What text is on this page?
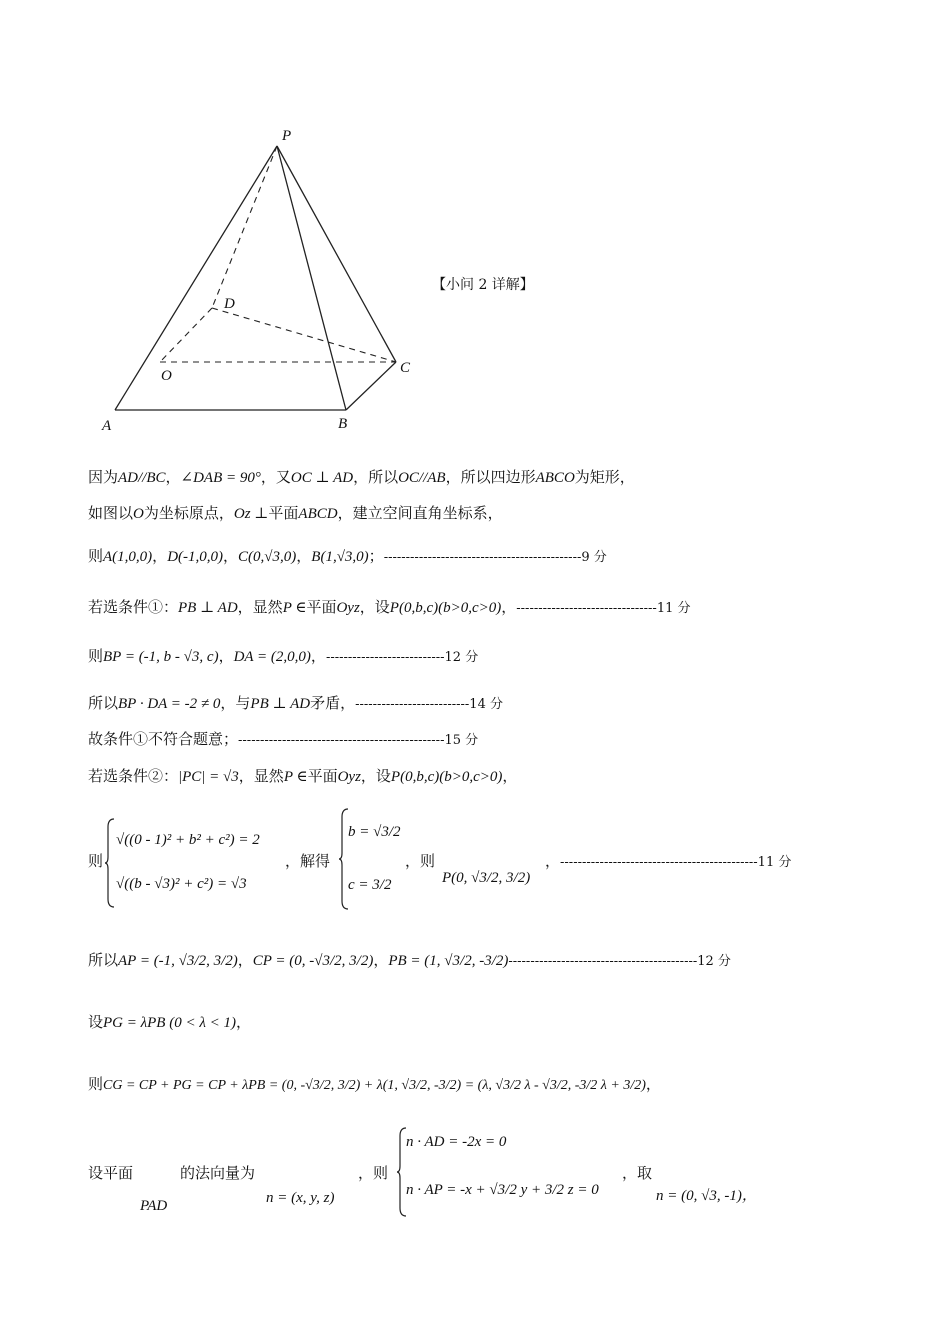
P
D
O	C
A	B
【小问 2 详解】
因为AD//BC，∠DAB = 90°，又OC ⊥ AD，所以OC//AB，所以四边形ABCO为矩形，
如图以O为坐标原点，Oz ⊥平面ABCD，建立空间直角坐标系，
则A(1,0,0)，D(-1,0,0)，C(0,√3,0)，B(1,√3,0)；---------------------------------------------9 分
若选条件①：PB ⊥ AD，显然P ∈平面Oyz，设P(0,b,c)(b>0,c>0)，--------------------------------11 分
则BP = (-1, b - √3, c)，DA = (2,0,0)，---------------------------12 分
所以BP · DA = -2 ≠ 0，与PB ⊥ AD矛盾，--------------------------14 分
故条件①不符合题意；-----------------------------------------------15 分
若选条件②：|PC| = √3，显然P ∈平面Oyz，设P(0,b,c)(b>0,c>0)，
则
√((0 - 1)² + b² + c²) = 2
√((b - √3)² + c²) = √3
，解得
b = √3/2
c = 3/2
，则
P(0, √3/2, 3/2)
，---------------------------------------------11 分
所以AP = (-1, √3/2, 3/2)，CP = (0, -√3/2, 3/2)，PB = (1, √3/2, -3/2)-------------------------------------------12 分
设PG = λPB (0 < λ < 1)，
则CG = CP + PG = CP + λPB = (0, -√3/2, 3/2) + λ(1, √3/2, -3/2) = (λ, √3/2 λ - √3/2, -3/2 λ + 3/2)，
设平面
PAD
的法向量为
n = (x, y, z)
，则
n · AD = -2x = 0
n · AP = -x + √3/2 y + 3/2 z = 0
，取
n = (0, √3, -1)，
